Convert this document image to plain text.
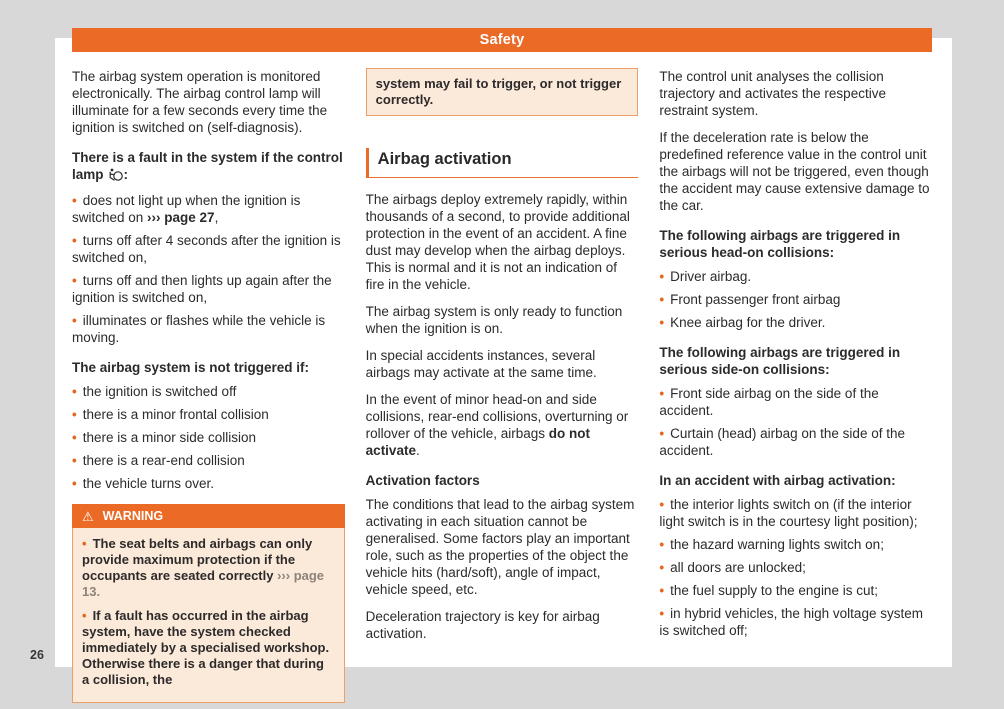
Safety

The airbag system operation is monitored electronically. The airbag control lamp will illuminate for a few seconds every time the ignition is switched on (self-diagnosis).

There is a fault in the system if the control lamp :
• does not light up when the ignition is switched on ››› page 27,
• turns off after 4 seconds after the ignition is switched on,
• turns off and then lights up again after the ignition is switched on,
• illuminates or flashes while the vehicle is moving.
The airbag system is not triggered if:
• the ignition is switched off
• there is a minor frontal collision
• there is a minor side collision
• there is a rear-end collision
• the vehicle turns over.
⚠ WARNING
• The seat belts and airbags can only provide maximum protection if the occupants are seated correctly ››› page 13.
• If a fault has occurred in the airbag system, have the system checked immediately by a specialised workshop. Otherwise there is a danger that during a collision, the
system may fail to trigger, or not trigger correctly.
Airbag activation

The airbags deploy extremely rapidly, within thousands of a second, to provide additional protection in the event of an accident. A fine dust may develop when the airbag deploys. This is normal and it is not an indication of fire in the vehicle.

The airbag system is only ready to function when the ignition is on.

In special accidents instances, several airbags may activate at the same time.

In the event of minor head-on and side collisions, rear-end collisions, overturning or rollover of the vehicle, airbags do not activate.

Activation factors

The conditions that lead to the airbag system activating in each situation cannot be generalised. Some factors play an important role, such as the properties of the object the vehicle hits (hard/soft), angle of impact, vehicle speed, etc.

Deceleration trajectory is key for airbag activation.

The control unit analyses the collision trajectory and activates the respective restraint system.

If the deceleration rate is below the predefined reference value in the control unit the airbags will not be triggered, even though the accident may cause extensive damage to the car.

The following airbags are triggered in serious head-on collisions:
• Driver airbag.
• Front passenger front airbag
• Knee airbag for the driver.
The following airbags are triggered in serious side-on collisions:
• Front side airbag on the side of the accident.
• Curtain (head) airbag on the side of the accident.
In an accident with airbag activation:
• the interior lights switch on (if the interior light switch is in the courtesy light position);
• the hazard warning lights switch on;
• all doors are unlocked;
• the fuel supply to the engine is cut;
• in hybrid vehicles, the high voltage system is switched off;
26
